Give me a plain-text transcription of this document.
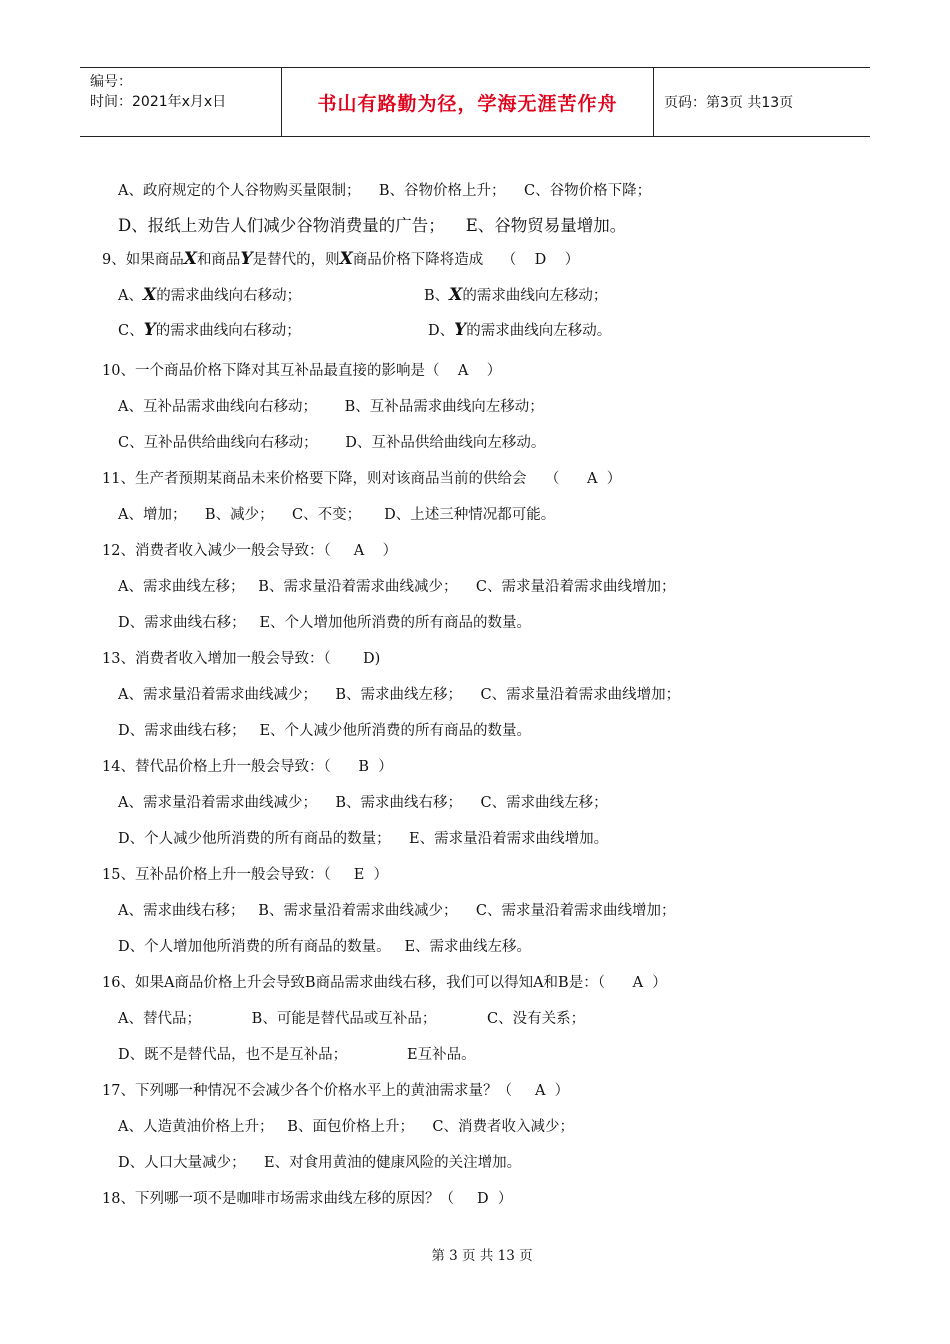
编号：
时间：2021年x月x日	书山有路勤为径，学海无涯苦作舟	页码：第3页 共13页
A、政府规定的个人谷物购买量限制；    B、谷物价格上升；    C、谷物价格下降；
D、报纸上劝告人们减少谷物消费量的广告；    E、谷物贸易量增加。
9、如果商品X和商品Y是替代的，则X商品价格下降将造成    （    D    ）
A、X的需求曲线向右移动；	B、X的需求曲线向左移动；
C、Y的需求曲线向右移动；	D、Y的需求曲线向左移动。
10、一个商品价格下降对其互补品最直接的影响是（    A    ）
A、互补品需求曲线向右移动；      B、互补品需求曲线向左移动；
C、互补品供给曲线向右移动；      D、互补品供给曲线向左移动。
11、生产者预期某商品未来价格要下降，则对该商品当前的供给会    （      A  ）
A、增加；    B、减少；    C、不变；     D、上述三种情况都可能。
12、消费者收入减少一般会导致：（     A    ）
A、需求曲线左移；   B、需求量沿着需求曲线减少；    C、需求量沿着需求曲线增加；
D、需求曲线右移；   E、个人增加他所消费的所有商品的数量。
13、消费者收入增加一般会导致：（       D)
A、需求量沿着需求曲线减少；    B、需求曲线左移；    C、需求量沿着需求曲线增加；
D、需求曲线右移；   E、个人减少他所消费的所有商品的数量。
14、替代品价格上升一般会导致：（      B  ）
A、需求量沿着需求曲线减少；    B、需求曲线右移；    C、需求曲线左移；
D、个人减少他所消费的所有商品的数量；    E、需求量沿着需求曲线增加。
15、互补品价格上升一般会导致：（     E  ）
A、需求曲线右移；   B、需求量沿着需求曲线减少；    C、需求量沿着需求曲线增加；
D、个人增加他所消费的所有商品的数量。   E、需求曲线左移。
16、如果A商品价格上升会导致B商品需求曲线右移，我们可以得知A和B是：（      A  ）
A、替代品；           B、可能是替代品或互补品；           C、没有关系；
D、既不是替代品，也不是互补品；             E互补品。
17、下列哪一种情况不会减少各个价格水平上的黄油需求量？（     A  ）
A、人造黄油价格上升；   B、面包价格上升；    C、消费者收入减少；
D、人口大量减少；    E、对食用黄油的健康风险的关注增加。
18、下列哪一项不是咖啡市场需求曲线左移的原因？（     D  ）
第 3 页 共 13 页
